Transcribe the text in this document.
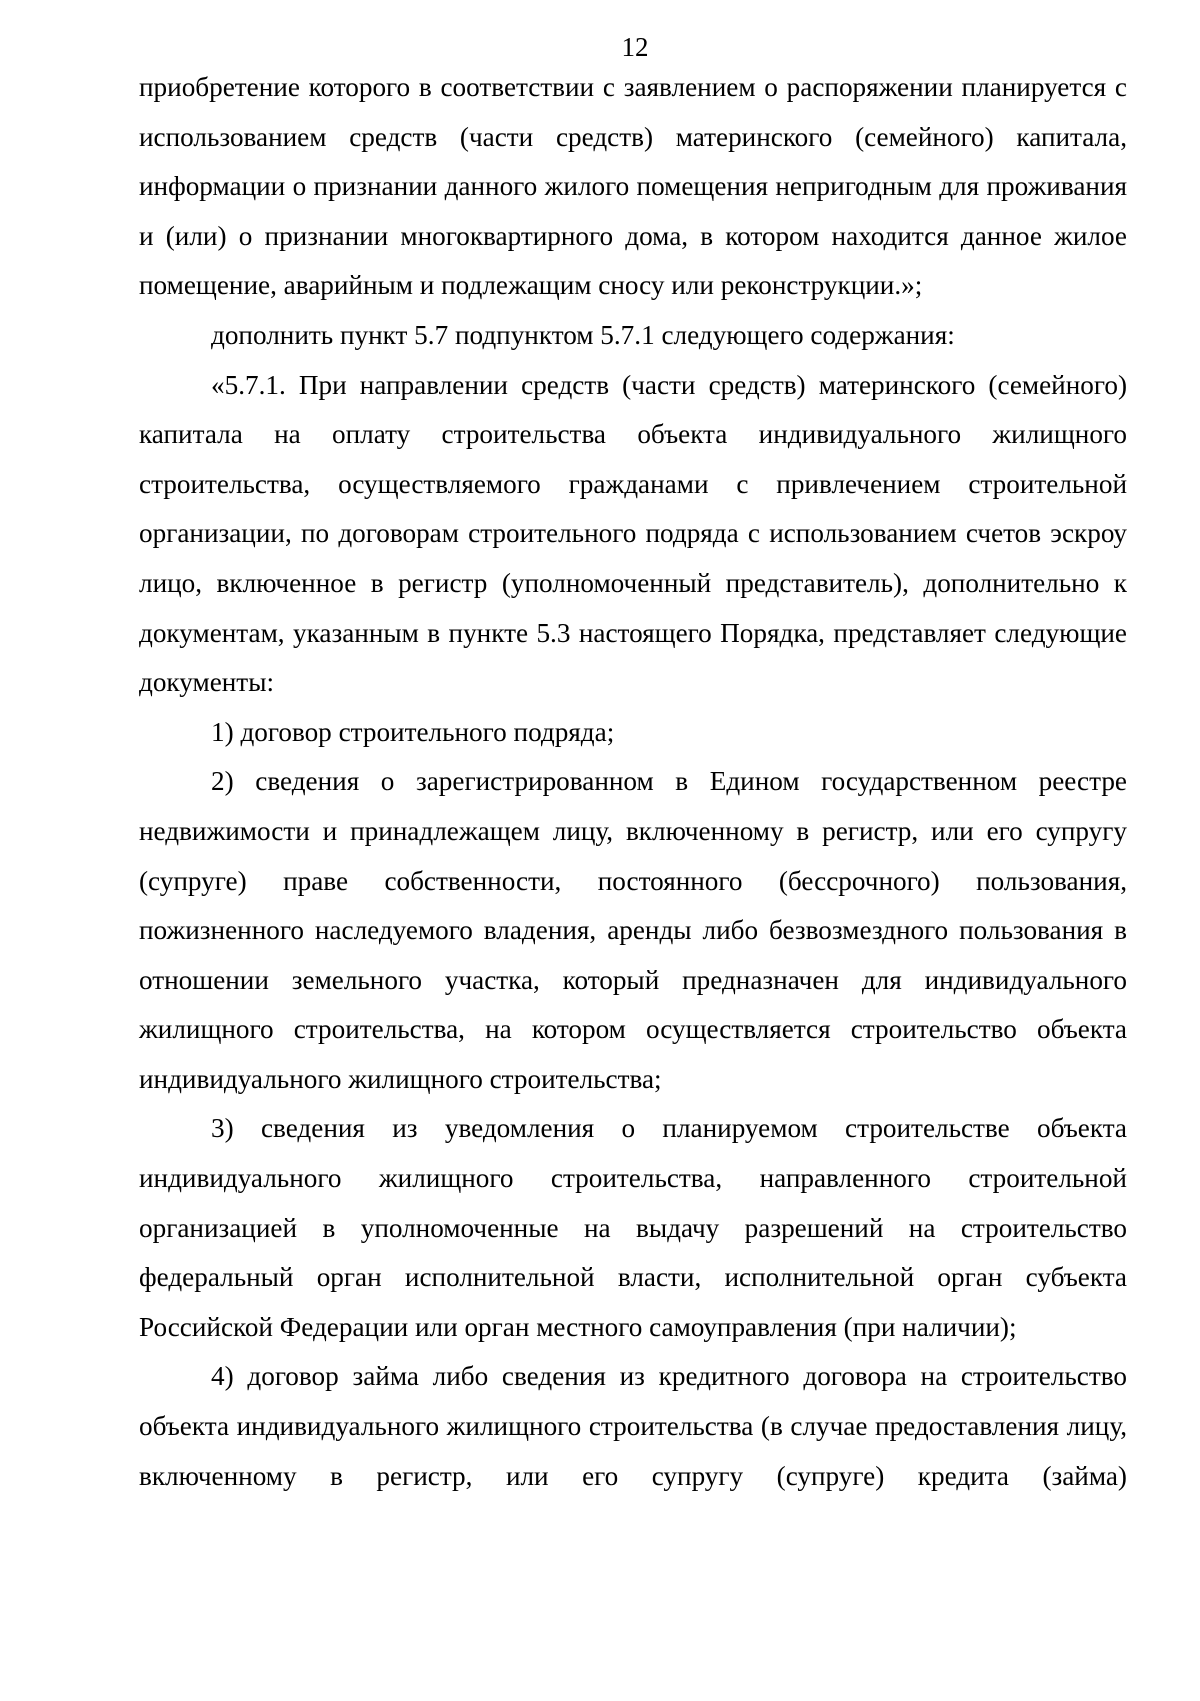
12

приобретение которого в соответствии с заявлением о распоряжении планируется с использованием средств (части средств) материнского (семейного) капитала, информации о признании данного жилого помещения непригодным для проживания и (или) о признании многоквартирного дома, в котором находится данное жилое помещение, аварийным и подлежащим сносу или реконструкции.»;

дополнить пункт 5.7 подпунктом 5.7.1 следующего содержания:

«5.7.1. При направлении средств (части средств) материнского (семейного) капитала на оплату строительства объекта индивидуального жилищного строительства, осуществляемого гражданами с привлечением строительной организации, по договорам строительного подряда с использованием счетов эскроу лицо, включенное в регистр (уполномоченный представитель), дополнительно к документам, указанным в пункте 5.3 настоящего Порядка, представляет следующие документы:

1) договор строительного подряда;

2) сведения о зарегистрированном в Едином государственном реестре недвижимости и принадлежащем лицу, включенному в регистр, или его супругу (супруге) праве собственности, постоянного (бессрочного) пользования, пожизненного наследуемого владения, аренды либо безвозмездного пользования в отношении земельного участка, который предназначен для индивидуального жилищного строительства, на котором осуществляется строительство объекта индивидуального жилищного строительства;

3) сведения из уведомления о планируемом строительстве объекта индивидуального жилищного строительства, направленного строительной организацией в уполномоченные на выдачу разрешений на строительство федеральный орган исполнительной власти, исполнительной орган субъекта Российской Федерации или орган местного самоуправления (при наличии);

4) договор займа либо сведения из кредитного договора на строительство объекта индивидуального жилищного строительства (в случае предоставления лицу, включенному в регистр, или его супругу (супруге) кредита (займа)
